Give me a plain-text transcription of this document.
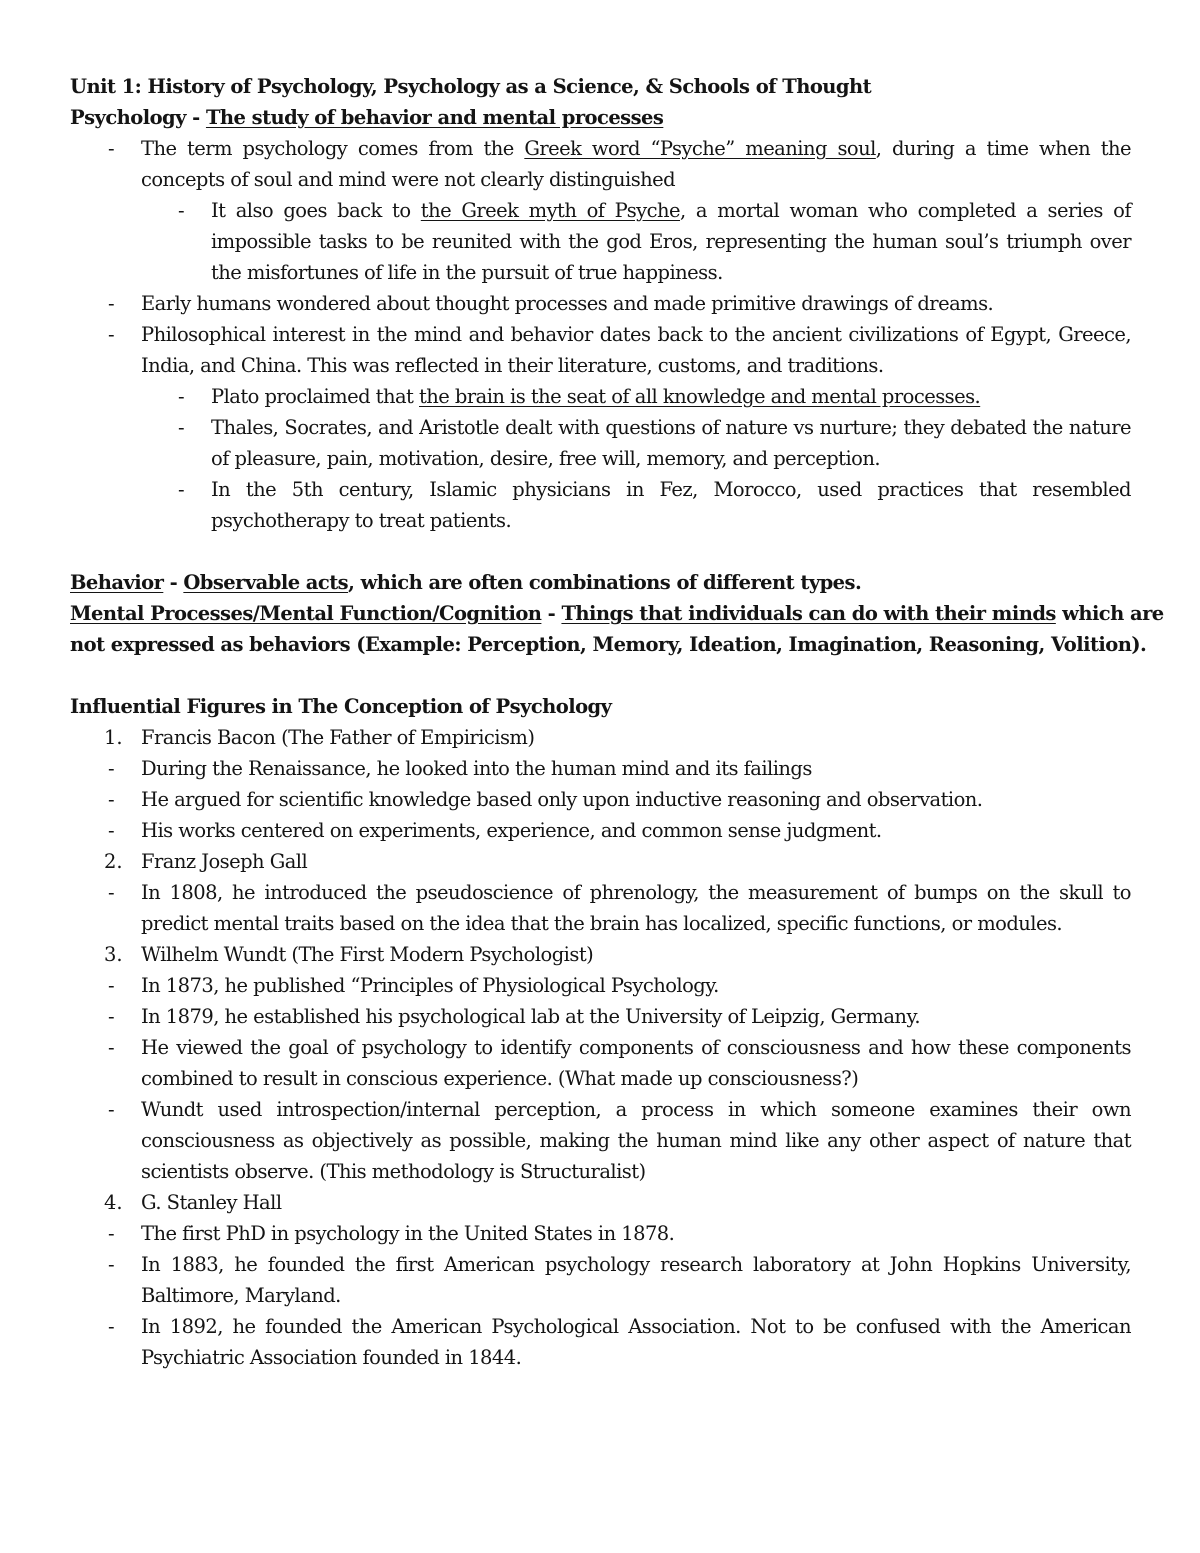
Unit 1: History of Psychology, Psychology as a Science, & Schools of Thought
Psychology - The study of behavior and mental processes
-	The term psychology comes from the Greek word “Psyche” meaning soul, during a time when the
concepts of soul and mind were not clearly distinguished
-	It also goes back to the Greek myth of Psyche, a mortal woman who completed a series of
impossible tasks to be reunited with the god Eros, representing the human soul’s triumph over
the misfortunes of life in the pursuit of true happiness.
-	Early humans wondered about thought processes and made primitive drawings of dreams.
-	Philosophical interest in the mind and behavior dates back to the ancient civilizations of Egypt, Greece,
India, and China. This was reflected in their literature, customs, and traditions.
-	Plato proclaimed that the brain is the seat of all knowledge and mental processes.
-	Thales, Socrates, and Aristotle dealt with questions of nature vs nurture; they debated the nature
of pleasure, pain, motivation, desire, free will, memory, and perception.
-	In the 5th century, Islamic physicians in Fez, Morocco, used practices that resembled
psychotherapy to treat patients.
Behavior - Observable acts, which are often combinations of different types.
Mental Processes/Mental Function/Cognition - Things that individuals can do with their minds which are
not expressed as behaviors (Example: Perception, Memory, Ideation, Imagination, Reasoning, Volition).
Influential Figures in The Conception of Psychology
1. Francis Bacon (The Father of Empiricism)
-	During the Renaissance, he looked into the human mind and its failings
-	He argued for scientific knowledge based only upon inductive reasoning and observation.
-	His works centered on experiments, experience, and common sense judgment.
2. Franz Joseph Gall
-	In 1808, he introduced the pseudoscience of phrenology, the measurement of bumps on the skull to
predict mental traits based on the idea that the brain has localized, specific functions, or modules.
3. Wilhelm Wundt (The First Modern Psychologist)
-	In 1873, he published “Principles of Physiological Psychology.
-	In 1879, he established his psychological lab at the University of Leipzig, Germany.
-	He viewed the goal of psychology to identify components of consciousness and how these components
combined to result in conscious experience. (What made up consciousness?)
-	Wundt used introspection/internal perception, a process in which someone examines their own
consciousness as objectively as possible, making the human mind like any other aspect of nature that
scientists observe. (This methodology is Structuralist)
4. G. Stanley Hall
-	The first PhD in psychology in the United States in 1878.
-	In 1883, he founded the first American psychology research laboratory at John Hopkins University,
Baltimore, Maryland.
-	In 1892, he founded the American Psychological Association. Not to be confused with the American
Psychiatric Association founded in 1844.
